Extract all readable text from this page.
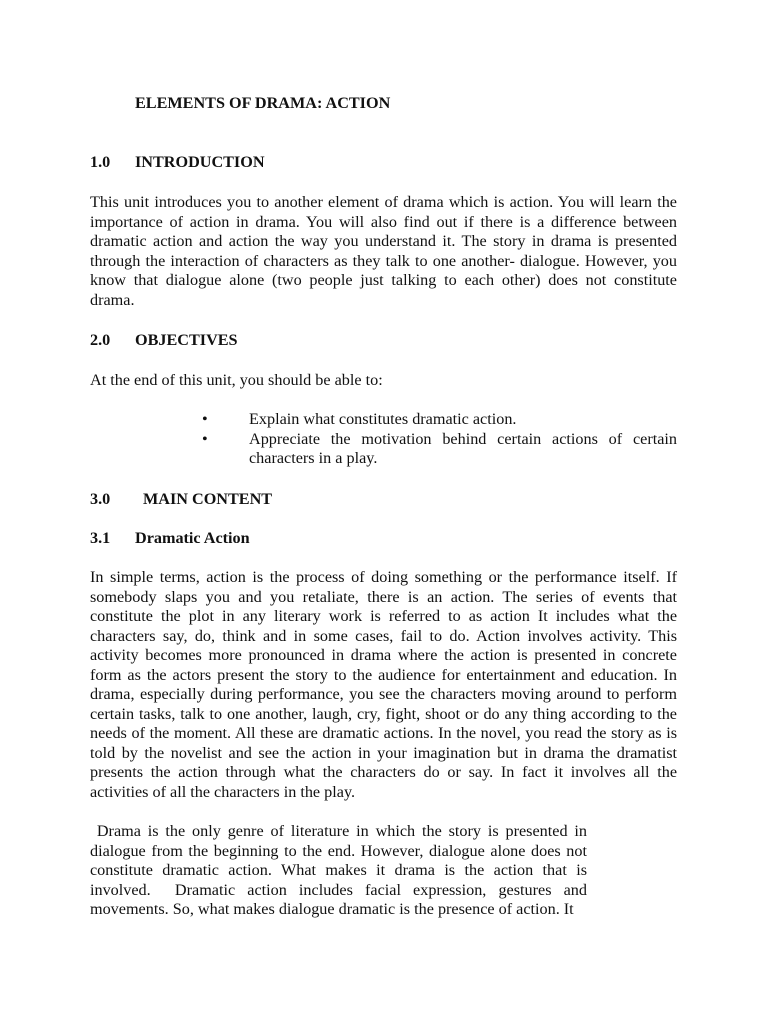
ELEMENTS OF DRAMA: ACTION
1.0 INTRODUCTION

This unit introduces you to another element of drama which is action. You will learn the importance of action in drama. You will also find out if there is a difference between dramatic action and action the way you understand it. The story in drama is presented through the interaction of characters as they talk to one another- dialogue. However, you know that dialogue alone (two people just talking to each other) does not constitute drama.

2.0 OBJECTIVES
At the end of this unit, you should be able to:
•	Explain what constitutes dramatic action.
•	Appreciate the motivation behind certain actions of certain characters in a play.
3.0 MAIN CONTENT
3.1 Dramatic Action

In simple terms, action is the process of doing something or the performance itself. If somebody slaps you and you retaliate, there is an action. The series of events that constitute the plot in any literary work is referred to as action It includes what the characters say, do, think and in some cases, fail to do. Action involves activity. This activity becomes more pronounced in drama where the action is presented in concrete form as the actors present the story to the audience for entertainment and education. In drama, especially during performance, you see the characters moving around to perform certain tasks, talk to one another, laugh, cry, fight, shoot or do any thing according to the needs of the moment. All these are dramatic actions. In the novel, you read the story as is told by the novelist and see the action in your imagination but in drama the dramatist presents the action through what the characters do or say. In fact it involves all the activities of all the characters in the play.

Drama is the only genre of literature in which the story is presented in dialogue from the beginning to the end. However, dialogue alone does not constitute dramatic action. What makes it drama is the action that is involved.  Dramatic action includes facial expression, gestures and movements. So, what makes dialogue dramatic is the presence of action. It
